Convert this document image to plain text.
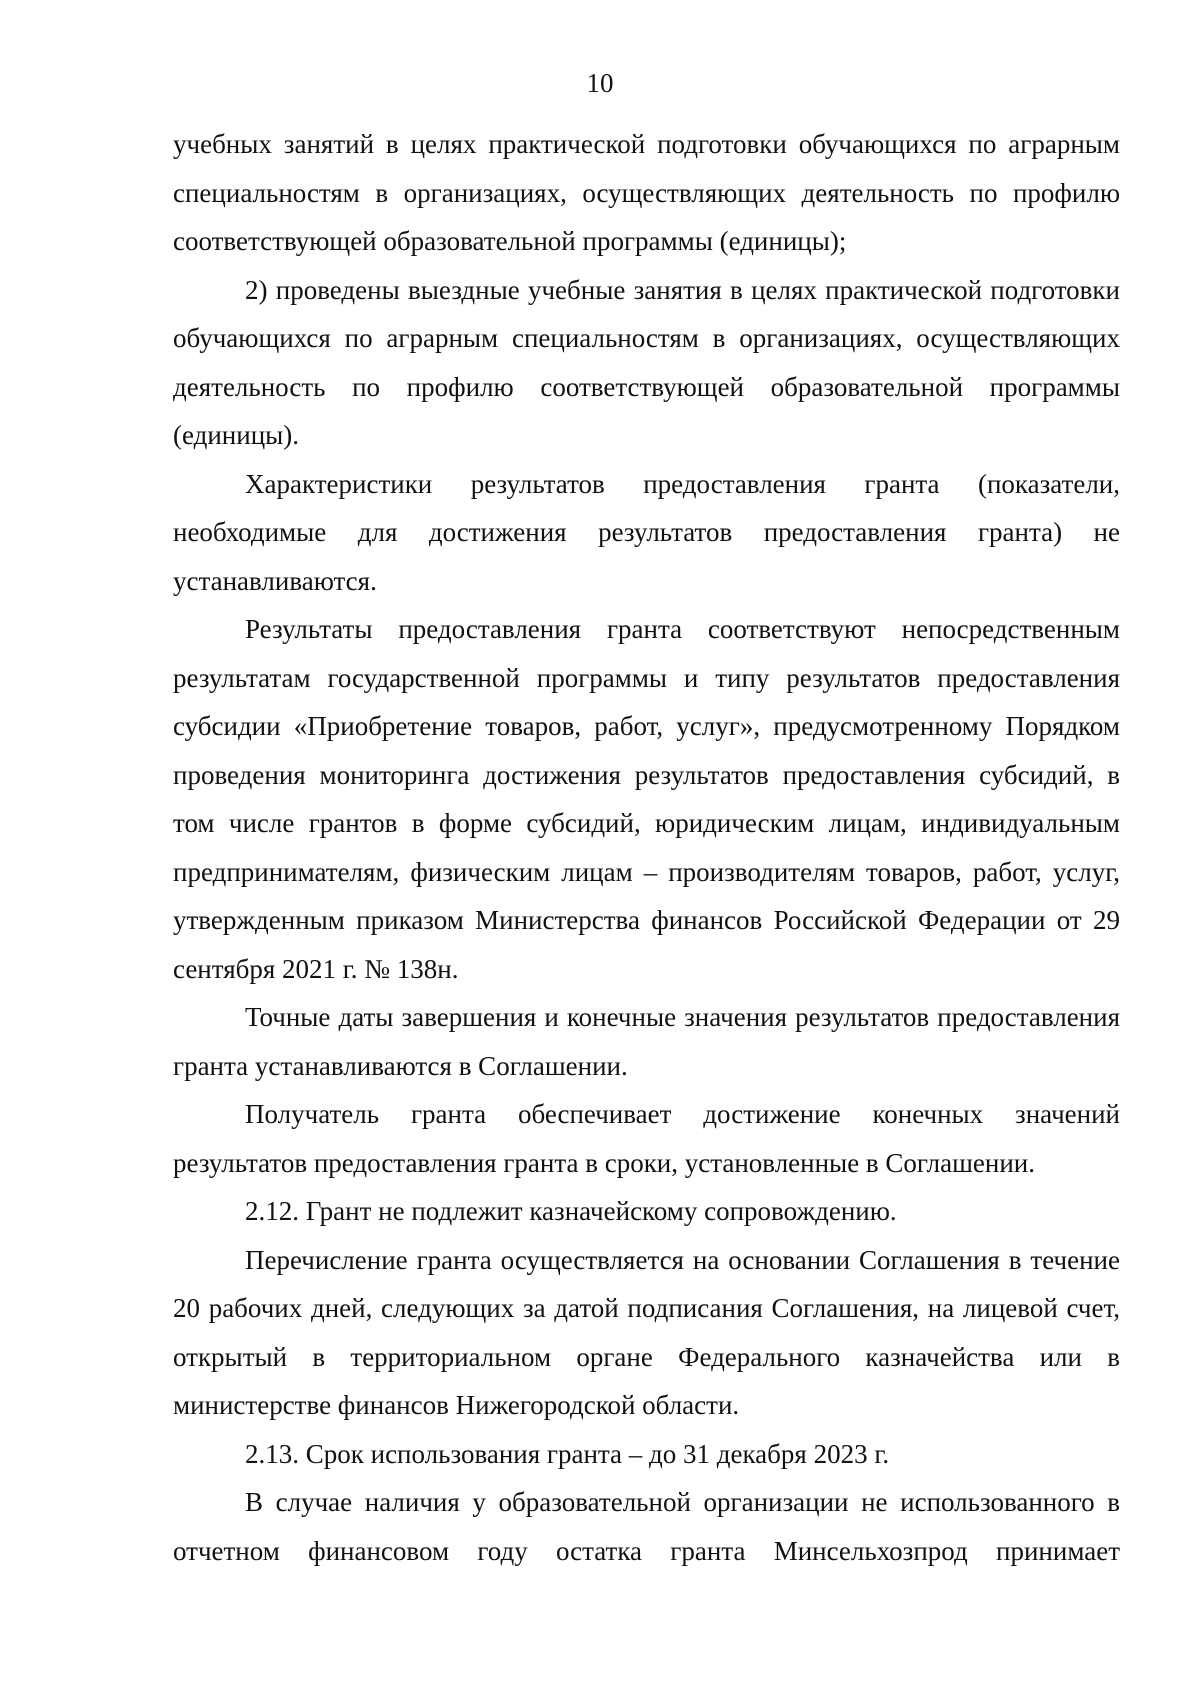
10

учебных занятий в целях практической подготовки обучающихся по аграрным специальностям в организациях, осуществляющих деятельность по профилю соответствующей образовательной программы (единицы);

2) проведены выездные учебные занятия в целях практической подготовки обучающихся по аграрным специальностям в организациях, осуществляющих деятельность по профилю соответствующей образовательной программы (единицы).

Характеристики результатов предоставления гранта (показатели, необходимые для достижения результатов предоставления гранта) не устанавливаются.

Результаты предоставления гранта соответствуют непосредственным результатам государственной программы и типу результатов предоставления субсидии «Приобретение товаров, работ, услуг», предусмотренному Порядком проведения мониторинга достижения результатов предоставления субсидий, в том числе грантов в форме субсидий, юридическим лицам, индивидуальным предпринимателям, физическим лицам – производителям товаров, работ, услуг, утвержденным приказом Министерства финансов Российской Федерации от 29 сентября 2021 г. № 138н.

Точные даты завершения и конечные значения результатов предоставления гранта устанавливаются в Соглашении.

Получатель гранта обеспечивает достижение конечных значений результатов предоставления гранта в сроки, установленные в Соглашении.

2.12. Грант не подлежит казначейскому сопровождению.

Перечисление гранта осуществляется на основании Соглашения в течение 20 рабочих дней, следующих за датой подписания Соглашения, на лицевой счет, открытый в территориальном органе Федерального казначейства или в министерстве финансов Нижегородской области.

2.13. Срок использования гранта – до 31 декабря 2023 г.

В случае наличия у образовательной организации не использованного в отчетном финансовом году остатка гранта Минсельхозпрод принимает
